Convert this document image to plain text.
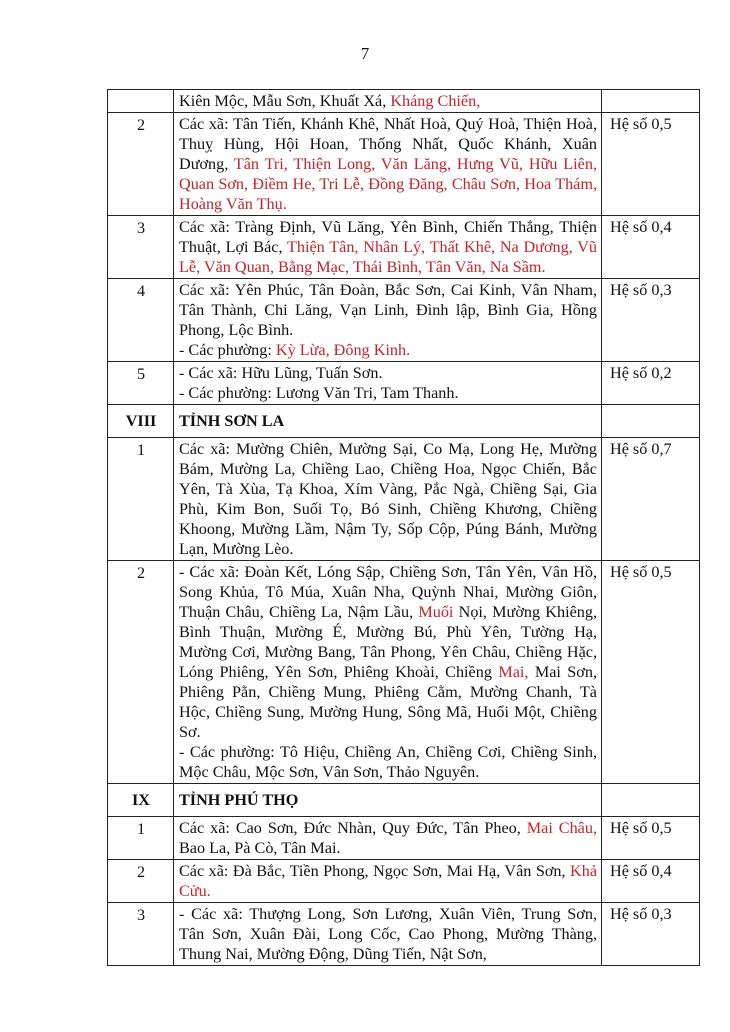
7

	Kiên Mộc, Mẫu Sơn, Khuất Xá, Kháng Chiến,	

2	Các xã: Tân Tiến, Khánh Khê, Nhất Hoà, Quý Hoà, Thiện Hoà, Thuỵ Hùng, Hội Hoan, Thống Nhất, Quốc Khánh, Xuân Dương, Tân Tri, Thiện Long, Văn Lăng, Hưng Vũ, Hữu Liên, Quan Sơn, Điềm He, Tri Lễ, Đồng Đăng, Châu Sơn, Hoa Thám, Hoàng Văn Thụ.	Hệ số 0,5
3	Các xã: Tràng Định, Vũ Lăng, Yên Bình, Chiến Thắng, Thiện Thuật, Lợi Bác, Thiện Tân, Nhân Lý, Thất Khê, Na Dương, Vũ Lễ, Văn Quan, Bằng Mạc, Thái Bình, Tân Văn, Na Sầm.	Hệ số 0,4
4	Các xã: Yên Phúc, Tân Đoàn, Bắc Sơn, Cai Kinh, Vân Nham, Tân Thành, Chi Lăng, Vạn Linh, Đình lập, Bình Gia, Hồng Phong, Lộc Bình.
- Các phường: Kỳ Lừa, Đông Kinh.	Hệ số 0,3
5	- Các xã: Hữu Lũng, Tuấn Sơn.
- Các phường: Lương Văn Tri, Tam Thanh.	Hệ số 0,2
VIII	TỈNH SƠN LA	
1	Các xã: Mường Chiên, Mường Sại, Co Mạ, Long Hẹ, Mường Bám, Mường La, Chiềng Lao, Chiềng Hoa, Ngọc Chiến, Bắc Yên, Tà Xùa, Tạ Khoa, Xím Vàng, Pắc Ngà, Chiềng Sại, Gia Phù, Kim Bon, Suối Tọ, Bó Sinh, Chiềng Khương, Chiềng Khoong, Mường Lầm, Nậm Ty, Sốp Cộp, Púng Bánh, Mường Lạn, Mường Lèo.	Hệ số 0,7
2	- Các xã: Đoàn Kết, Lóng Sập, Chiềng Sơn, Tân Yên, Vân Hồ, Song Khủa, Tô Múa, Xuân Nha, Quỳnh Nhai, Mường Giôn, Thuận Châu, Chiềng La, Nậm Lầu, Muổi Nọi, Mường Khiêng, Bình Thuận, Mường É, Mường Bú, Phù Yên, Tường Hạ, Mường Cơi, Mường Bang, Tân Phong, Yên Châu, Chiềng Hặc, Lóng Phiêng, Yên Sơn, Phiêng Khoài, Chiềng Mai, Mai Sơn, Phiêng Pằn, Chiềng Mung, Phiêng Cằm, Mường Chanh, Tà Hộc, Chiềng Sung, Mường Hung, Sông Mã, Huổi Một, Chiềng Sơ.
- Các phường: Tô Hiệu, Chiềng An, Chiềng Cơi, Chiềng Sinh, Mộc Châu, Mộc Sơn, Vân Sơn, Thảo Nguyên.	Hệ số 0,5
IX	TỈNH PHÚ THỌ	
1	Các xã: Cao Sơn, Đức Nhàn, Quy Đức, Tân Pheo, Mai Châu, Bao La, Pà Cò, Tân Mai.	Hệ số 0,5
2	Các xã: Đà Bắc, Tiền Phong, Ngọc Sơn, Mai Hạ, Vân Sơn, Khả Cửu.	Hệ số 0,4
3	- Các xã: Thượng Long, Sơn Lương, Xuân Viên, Trung Sơn, Tân Sơn, Xuân Đài, Long Cốc, Cao Phong, Mường Thàng, Thung Nai, Mường Động, Dũng Tiến, Nật Sơn,	Hệ số 0,3
